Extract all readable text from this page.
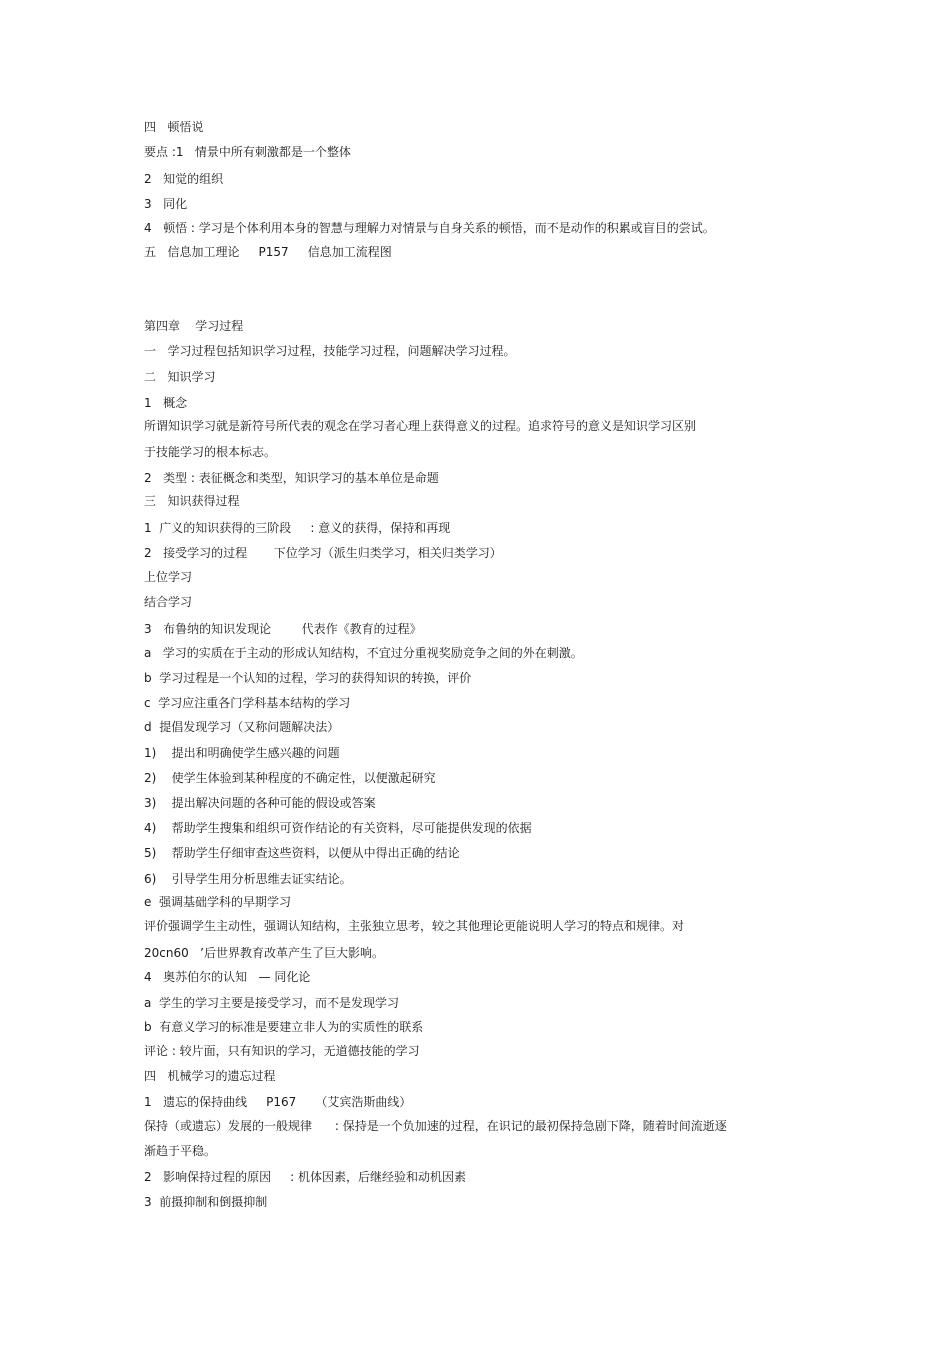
四   顿悟说
要点 :1   情景中所有刺激都是一个整体
2   知觉的组织
3   同化
4   顿悟 : 学习是个体利用本身的智慧与理解力对情景与自身关系的顿悟，而不是动作的积累或盲目的尝试。
五   信息加工理论     P157     信息加工流程图
第四章    学习过程
一   学习过程包括知识学习过程，技能学习过程，问题解决学习过程。
二   知识学习
1   概念
所谓知识学习就是新符号所代表的观念在学习者心理上获得意义的过程。追求符号的意义是知识学习区别
于技能学习的根本标志。
2   类型 : 表征概念和类型，知识学习的基本单位是命题
三   知识获得过程
1  广义的知识获得的三阶段     : 意义的获得，保持和再现
2   接受学习的过程       下位学习（派生归类学习，相关归类学习）
上位学习
结合学习
3   布鲁纳的知识发现论        代表作《教育的过程》
a   学习的实质在于主动的形成认知结构，不宜过分重视奖励竞争之间的外在刺激。
b  学习过程是一个认知的过程，学习的获得知识的转换，评价
c  学习应注重各门学科基本结构的学习
d  提倡发现学习（又称问题解决法）
1)    提出和明确使学生感兴趣的问题
2)    使学生体验到某种程度的不确定性，以便激起研究
3)    提出解决问题的各种可能的假设或答案
4)    帮助学生搜集和组织可资作结论的有关资料，尽可能提供发现的依据
5)    帮助学生仔细审查这些资料，以便从中得出正确的结论
6)    引导学生用分析思维去证实结论。
e  强调基础学科的早期学习
评价强调学生主动性，强调认知结构，主张独立思考，较之其他理论更能说明人学习的特点和规律。对
20cn60   ’后世界教育改革产生了巨大影响。
4   奥苏伯尔的认知   — 同化论
a  学生的学习主要是接受学习，而不是发现学习
b  有意义学习的标准是要建立非人为的实质性的联系
评论 : 较片面，只有知识的学习，无道德技能的学习
四   机械学习的遗忘过程
1   遗忘的保持曲线     P167     （艾宾浩斯曲线）
保持（或遗忘）发展的一般规律      : 保持是一个负加速的过程，在识记的最初保持急剧下降，随着时间流逝逐
渐趋于平稳。
2   影响保持过程的原因     : 机体因素，后继经验和动机因素
3  前摄抑制和倒摄抑制
